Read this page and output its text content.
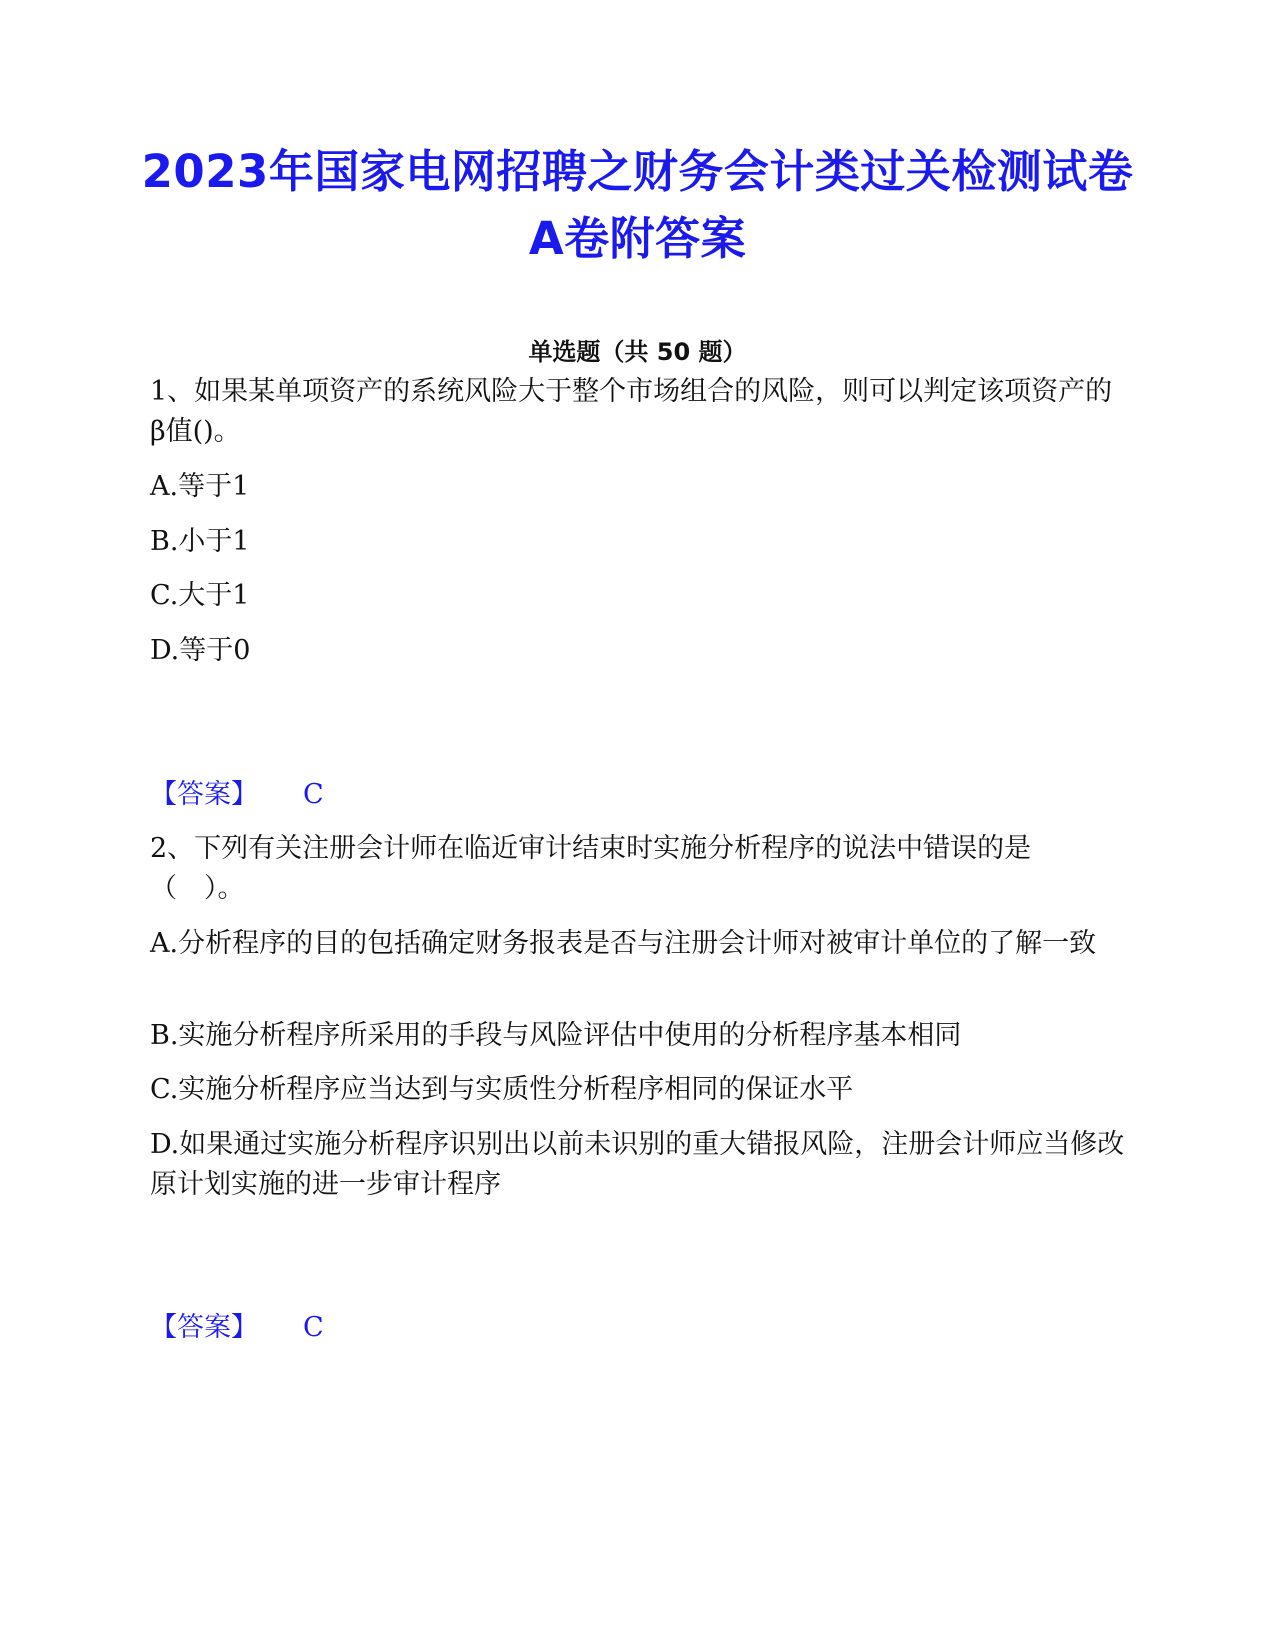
2023年国家电网招聘之财务会计类过关检测试卷A卷附答案
单选题（共 50 题）
1、如果某单项资产的系统风险大于整个市场组合的风险，则可以判定该项资产的β值()。
A.等于1
B.小于1
C.大于1
D.等于0
【答案】 C
2、下列有关注册会计师在临近审计结束时实施分析程序的说法中错误的是（　）。
A.分析程序的目的包括确定财务报表是否与注册会计师对被审计单位的了解一致
B.实施分析程序所采用的手段与风险评估中使用的分析程序基本相同
C.实施分析程序应当达到与实质性分析程序相同的保证水平
D.如果通过实施分析程序识别出以前未识别的重大错报风险，注册会计师应当修改原计划实施的进一步审计程序
【答案】 C
